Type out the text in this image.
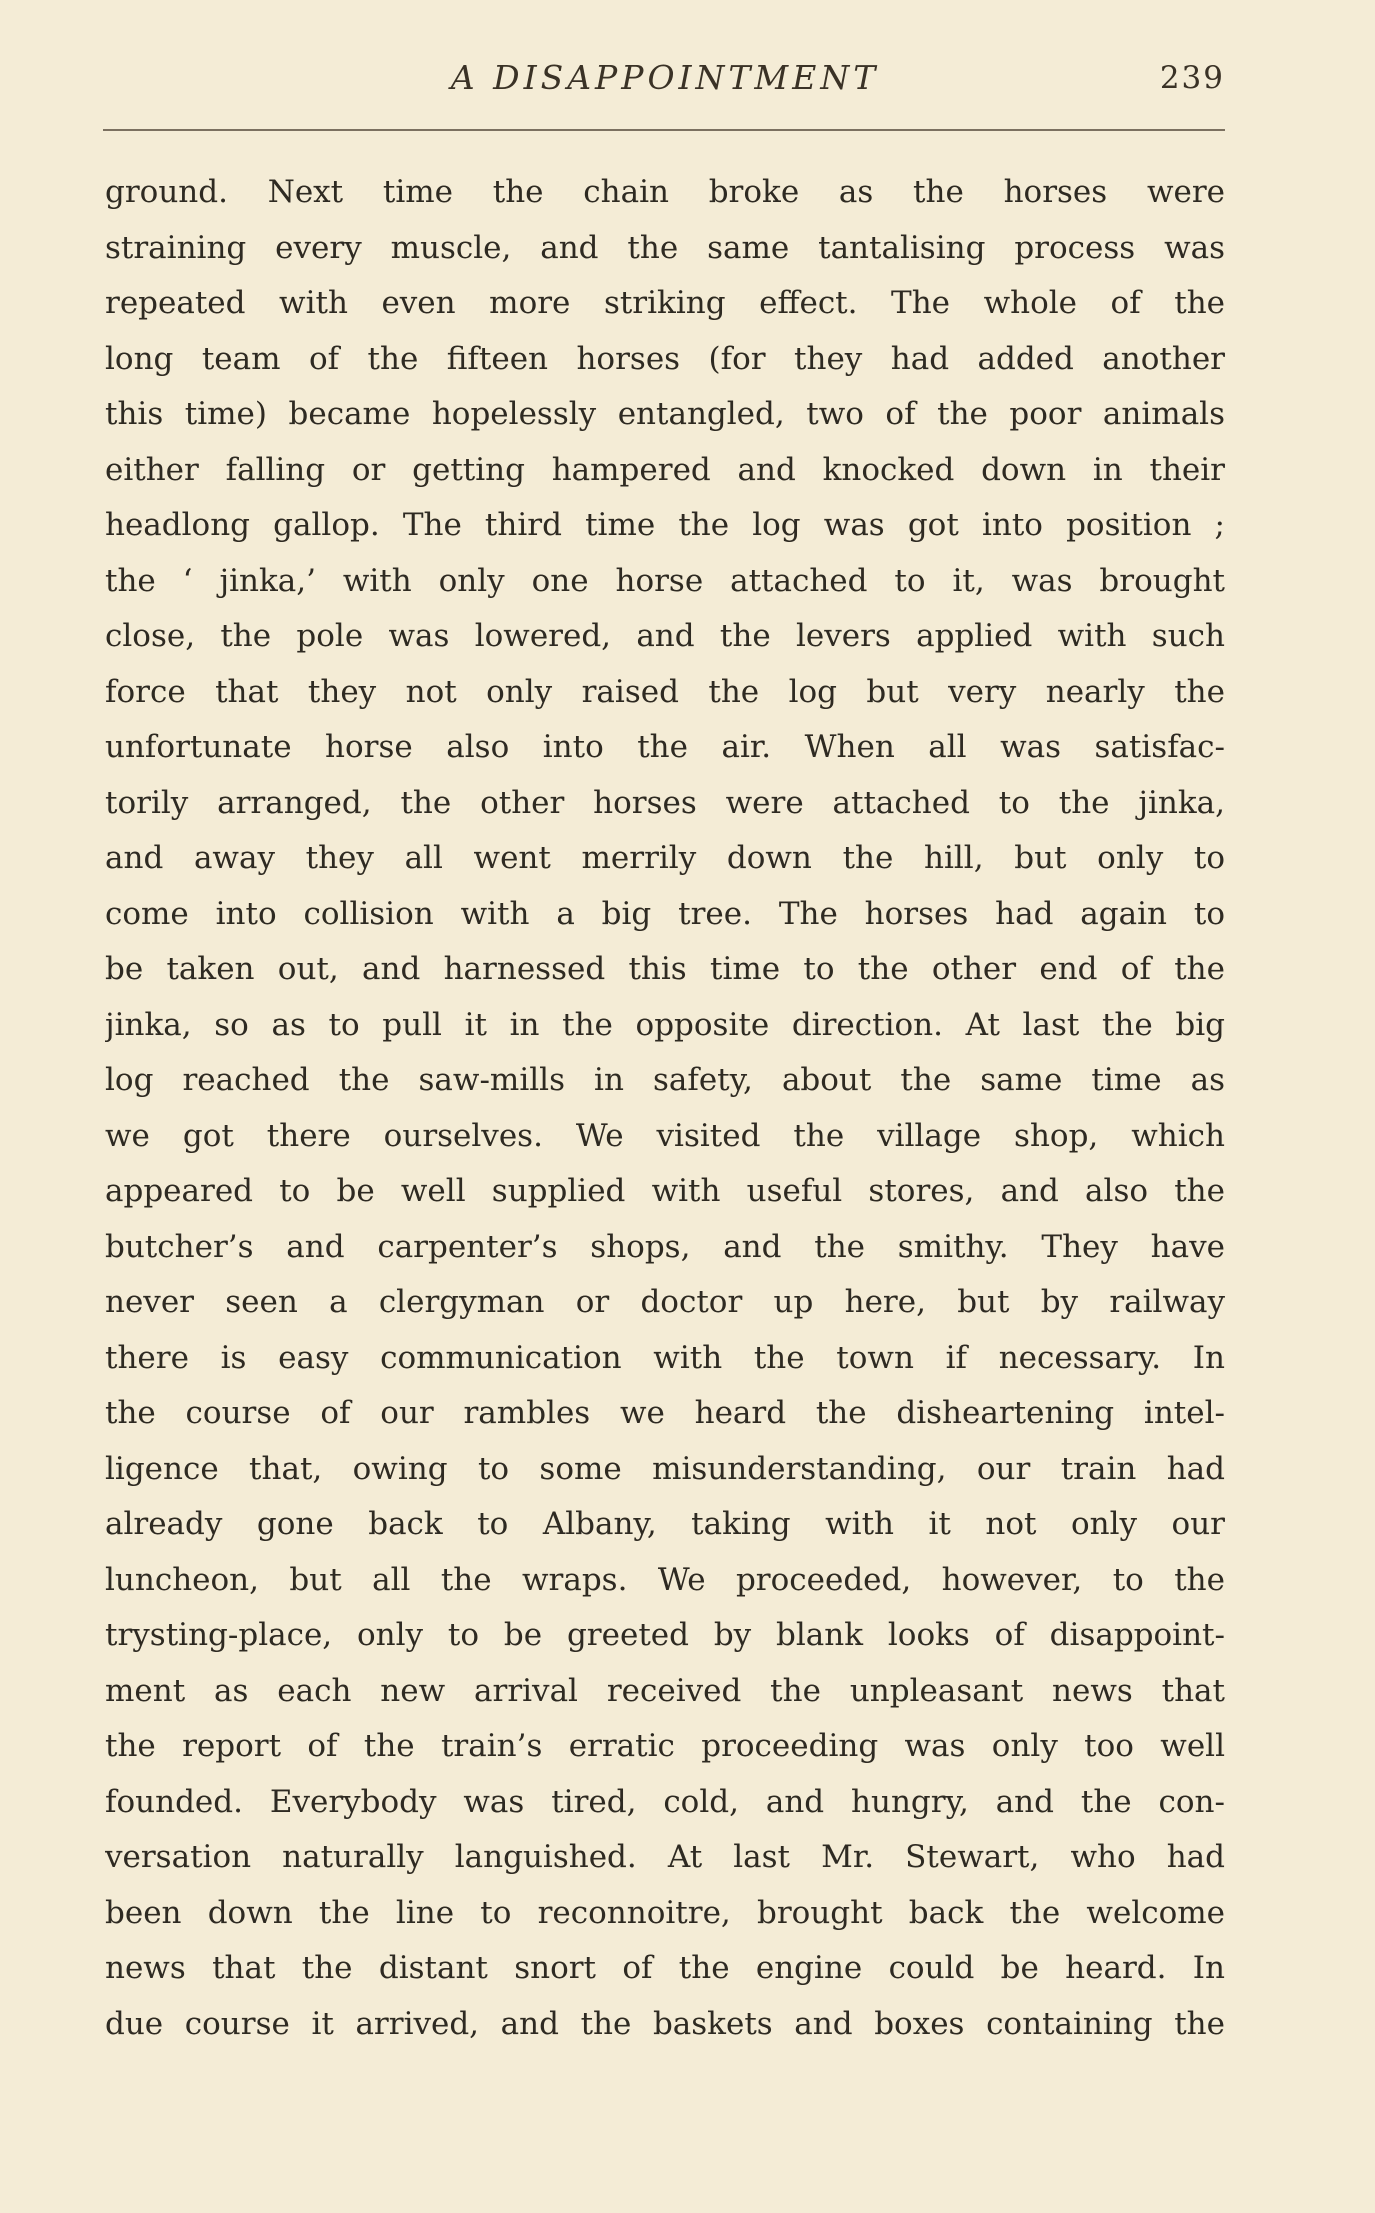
A DISAPPOINTMENT	239
ground. Next time the chain broke as the horses were
straining every muscle, and the same tantalising process was
repeated with even more striking effect. The whole of the
long team of the fifteen horses (for they had added another
this time) became hopelessly entangled, two of the poor animals
either falling or getting hampered and knocked down in their
headlong gallop. The third time the log was got into position ;
the ‘ jinka,’ with only one horse attached to it, was brought
close, the pole was lowered, and the levers applied with such
force that they not only raised the log but very nearly the
unfortunate horse also into the air. When all was satisfac-
torily arranged, the other horses were attached to the jinka,
and away they all went merrily down the hill, but only to
come into collision with a big tree. The horses had again to
be taken out, and harnessed this time to the other end of the
jinka, so as to pull it in the opposite direction. At last the big
log reached the saw-mills in safety, about the same time as
we got there ourselves. We visited the village shop, which
appeared to be well supplied with useful stores, and also the
butcher’s and carpenter’s shops, and the smithy. They have
never seen a clergyman or doctor up here, but by railway
there is easy communication with the town if necessary. In
the course of our rambles we heard the disheartening intel-
ligence that, owing to some misunderstanding, our train had
already gone back to Albany, taking with it not only our
luncheon, but all the wraps. We proceeded, however, to the
trysting-place, only to be greeted by blank looks of disappoint-
ment as each new arrival received the unpleasant news that
the report of the train’s erratic proceeding was only too well
founded. Everybody was tired, cold, and hungry, and the con-
versation naturally languished. At last Mr. Stewart, who had
been down the line to reconnoitre, brought back the welcome
news that the distant snort of the engine could be heard. In
due course it arrived, and the baskets and boxes containing the
